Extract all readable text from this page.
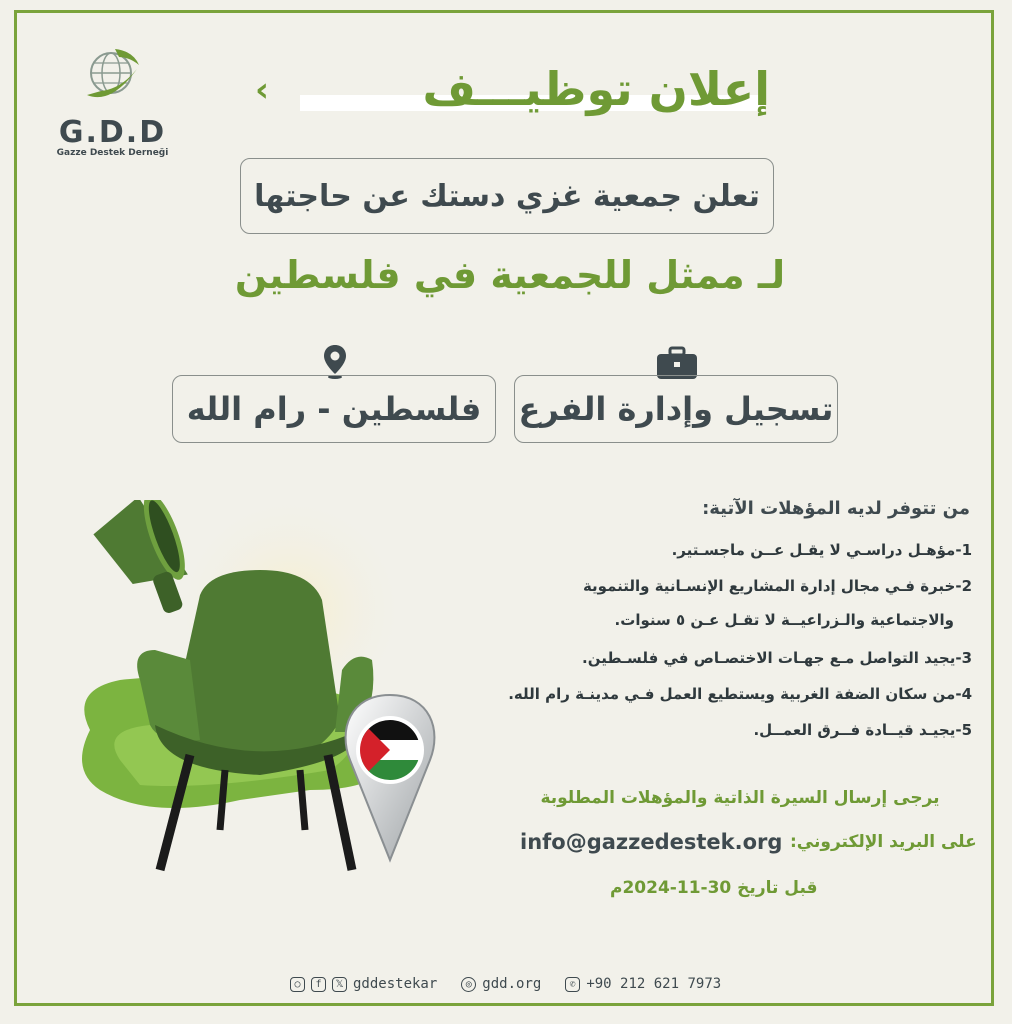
G.D.D
Gazze Destek Derneği
‹	إعلان توظيـــف
تعلن جمعية غزي دستك عن حاجتها
لـ ممثل للجمعية في فلسطين
فلسطين - رام الله تسجيل وإدارة الفرع
من تتوفر لديه المؤهلات الآتية:
1-مؤهـل دراسـي لا يقـل عــن ماجسـتير.
2-خبرة فـي مجال إدارة المشاريع الإنسـانية والتنموية
والاجتماعية والـزراعيــة لا تقـل عـن ٥ سنوات.
3-يجيد التواصل مـع جهـات الاختصـاص في فلسـطين.
4-من سكان الضفة الغربية ويستطيع العمل فـي مدينـة رام الله.
5-يجيـد قيــادة فــرق العمــل.
يرجى إرسال السيرة الذاتية والمؤهلات المطلوبة
على البريد الإلكتروني:
info@gazzedestek.org
قبل تاريخ 30-11-2024م
○	f	𝕏 gddestekar	◎ gdd.org	✆ +90 212 621 7973
